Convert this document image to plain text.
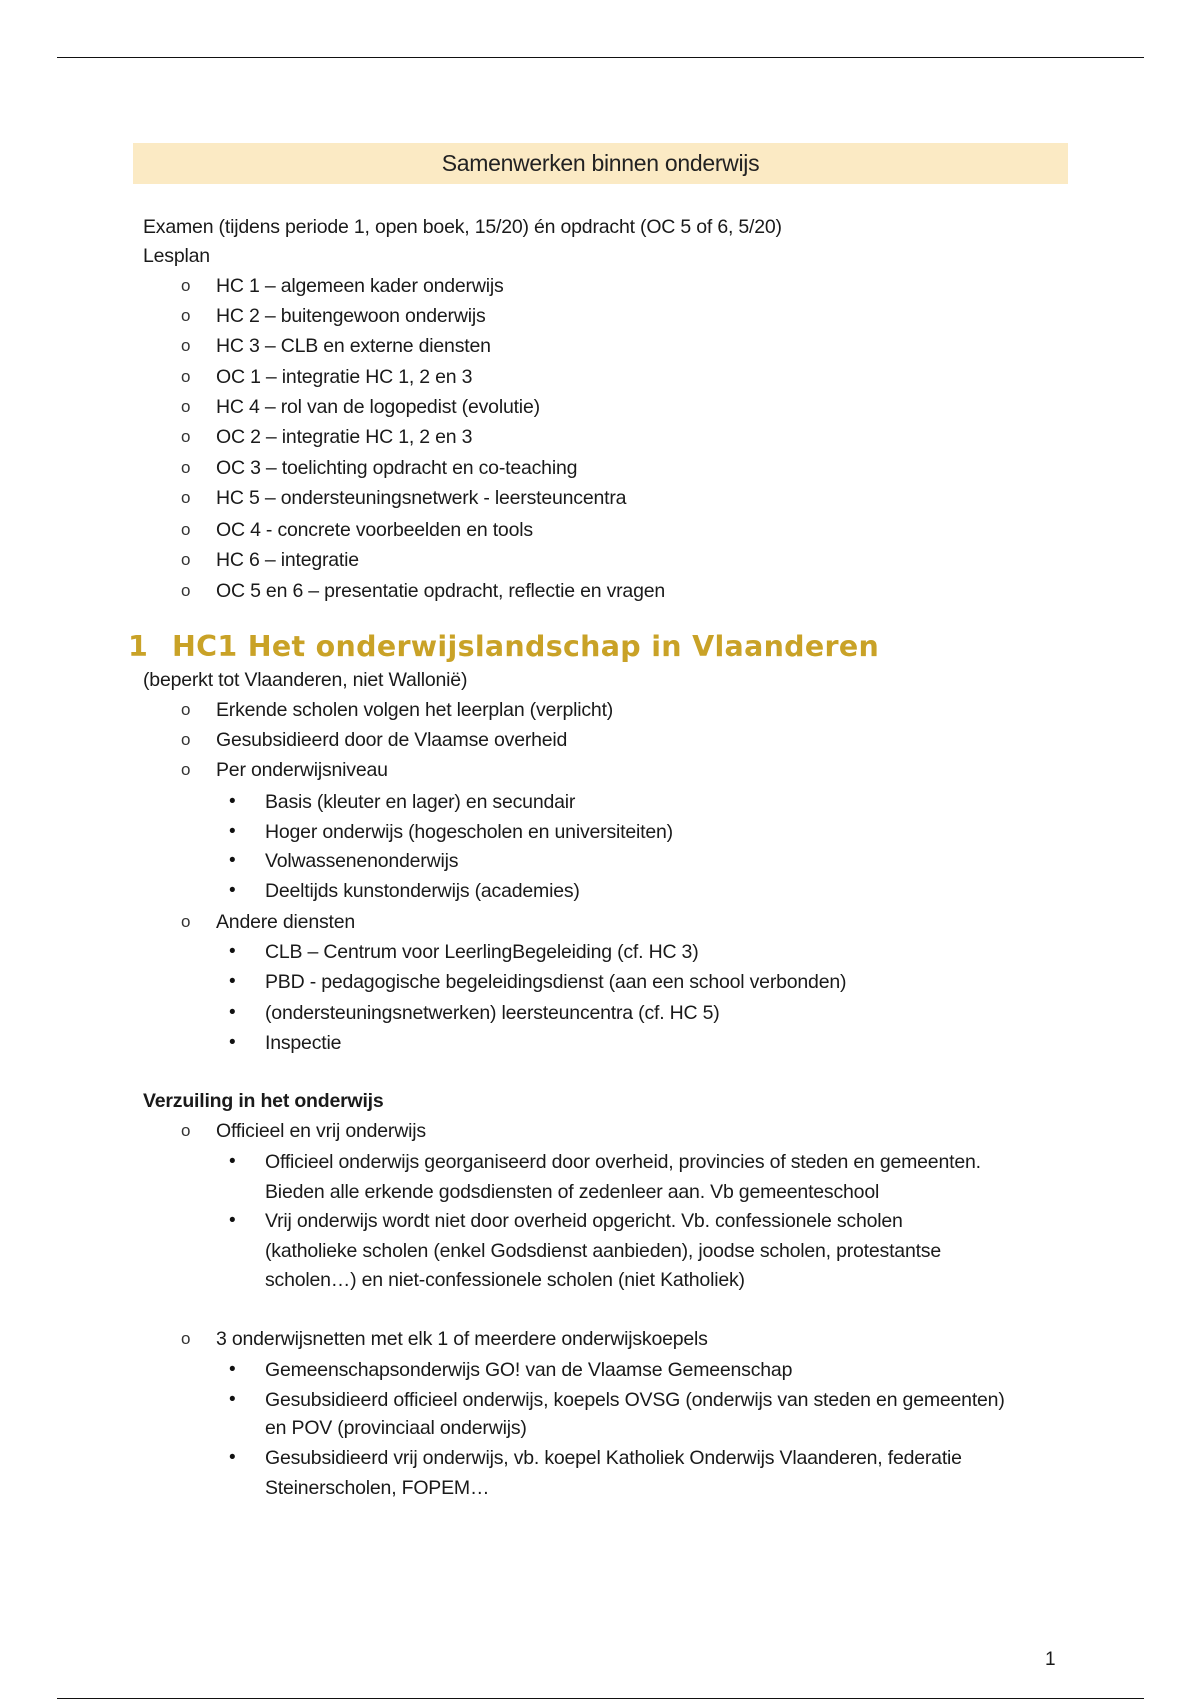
Samenwerken binnen onderwijs
Examen (tijdens periode 1, open boek, 15/20) én opdracht (OC 5 of 6, 5/20)
Lesplan
o HC 1 – algemeen kader onderwijs
o HC 2 – buitengewoon onderwijs
o HC 3 – CLB en externe diensten
o OC 1 – integratie HC 1, 2 en 3
o HC 4 – rol van de logopedist (evolutie)
o OC 2 – integratie HC 1, 2 en 3
o OC 3 – toelichting opdracht en co-teaching
o HC 5 – ondersteuningsnetwerk - leersteuncentra
o OC 4 - concrete voorbeelden en tools
o HC 6 – integratie
o OC 5 en 6 – presentatie opdracht, reflectie en vragen
1 HC1 Het onderwijslandschap in Vlaanderen
(beperkt tot Vlaanderen, niet Wallonië)
o Erkende scholen volgen het leerplan (verplicht)
o Gesubsidieerd door de Vlaamse overheid
o Per onderwijsniveau
• Basis (kleuter en lager) en secundair
• Hoger onderwijs (hogescholen en universiteiten)
• Volwassenenonderwijs
• Deeltijds kunstonderwijs (academies)
o Andere diensten
• CLB – Centrum voor LeerlingBegeleiding (cf. HC 3)
• PBD - pedagogische begeleidingsdienst (aan een school verbonden)
• (ondersteuningsnetwerken) leersteuncentra (cf. HC 5)
• Inspectie
Verzuiling in het onderwijs
o Officieel en vrij onderwijs
• Officieel onderwijs georganiseerd door overheid, provincies of steden en gemeenten.
Bieden alle erkende godsdiensten of zedenleer aan. Vb gemeenteschool
• Vrij onderwijs wordt niet door overheid opgericht. Vb. confessionele scholen
(katholieke scholen (enkel Godsdienst aanbieden), joodse scholen, protestantse
scholen…) en niet-confessionele scholen (niet Katholiek)
o 3 onderwijsnetten met elk 1 of meerdere onderwijskoepels
• Gemeenschapsonderwijs GO! van de Vlaamse Gemeenschap
• Gesubsidieerd officieel onderwijs, koepels OVSG (onderwijs van steden en gemeenten)
en POV (provinciaal onderwijs)
• Gesubsidieerd vrij onderwijs, vb. koepel Katholiek Onderwijs Vlaanderen, federatie
Steinerscholen, FOPEM…
1
